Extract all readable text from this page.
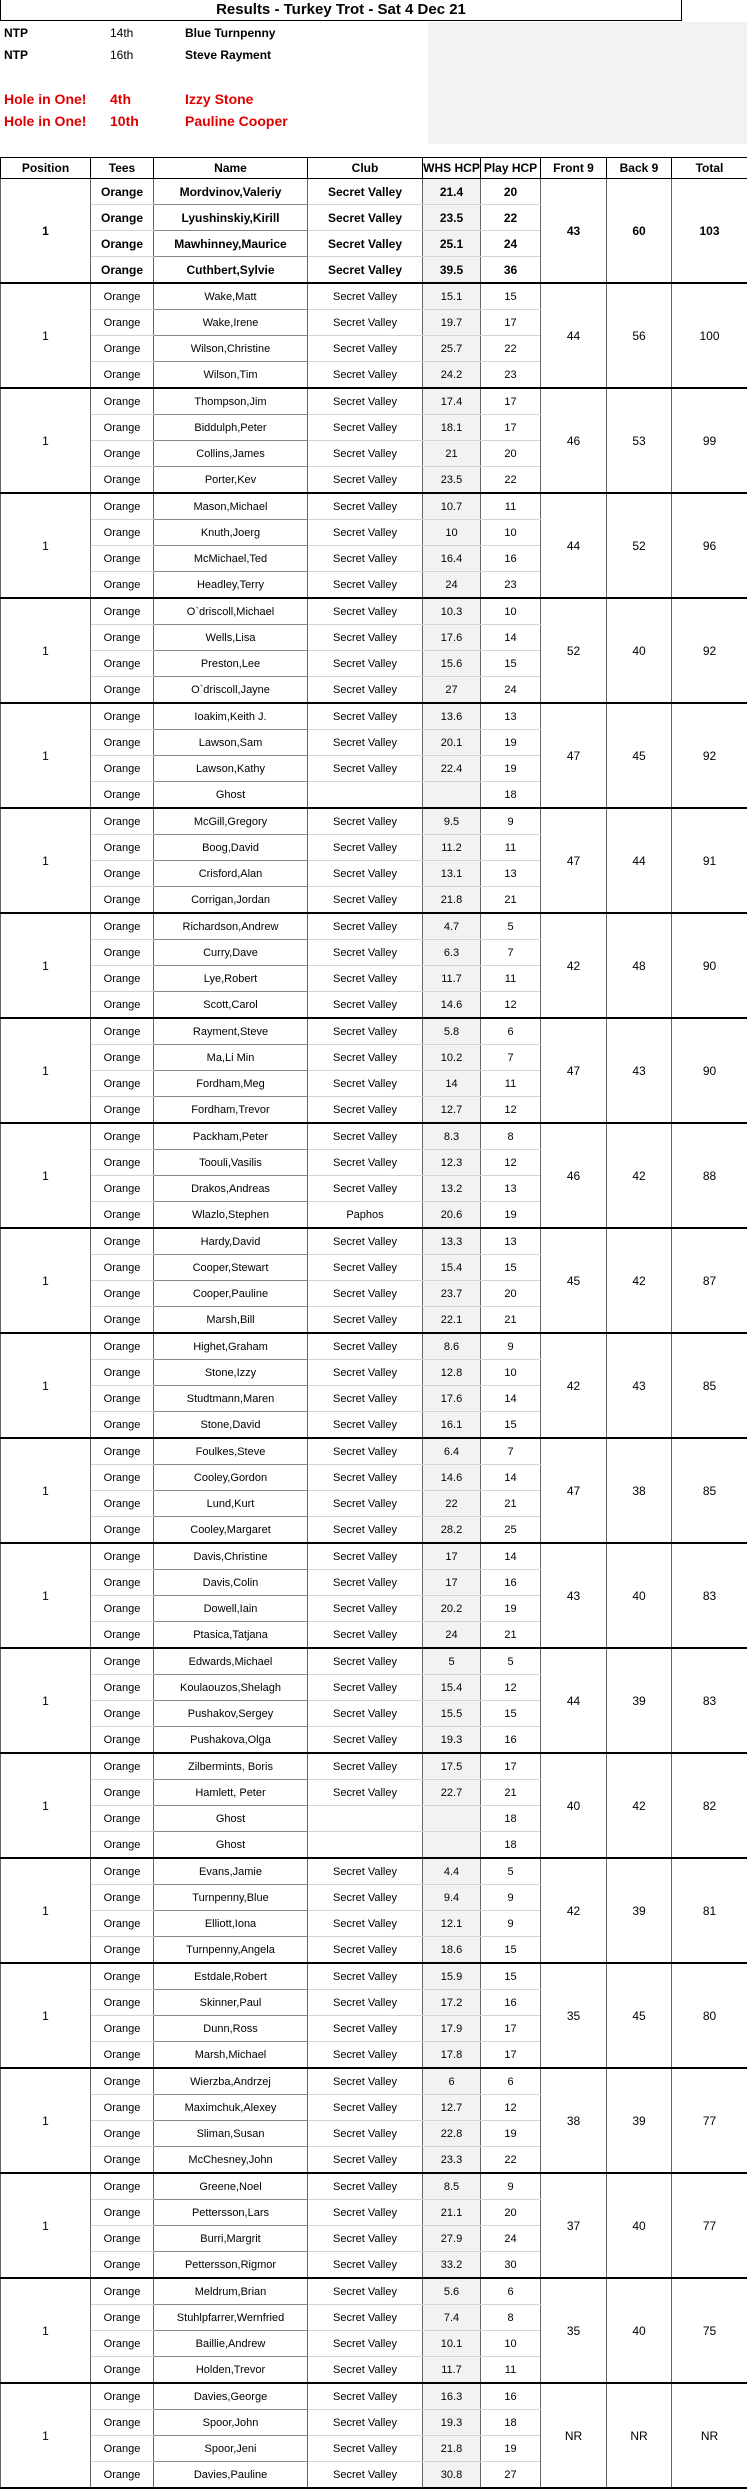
Results - Turkey Trot - Sat 4 Dec 21
NTP	14th	Blue Turnpenny
NTP	16th	Steve Rayment
Hole in One! 4th	Izzy Stone
Hole in One! 10th	Pauline Cooper
Position	Tees	Name	Club	WHS HCP	Play HCP	Front 9	Back 9	Total
1	Orange	Mordvinov,Valeriy	Secret Valley	21.4	20	43	60	103
	Orange	Lyushinskiy,Kirill	Secret Valley	23.5	22			
	Orange	Mawhinney,Maurice	Secret Valley	25.1	24			
	Orange	Cuthbert,Sylvie	Secret Valley	39.5	36			
1	Orange	Wake,Matt	Secret Valley	15.1	15	44	56	100
	Orange	Wake,Irene	Secret Valley	19.7	17			
	Orange	Wilson,Christine	Secret Valley	25.7	22			
	Orange	Wilson,Tim	Secret Valley	24.2	23			
1	Orange	Thompson,Jim	Secret Valley	17.4	17	46	53	99
	Orange	Biddulph,Peter	Secret Valley	18.1	17			
	Orange	Collins,James	Secret Valley	21	20			
	Orange	Porter,Kev	Secret Valley	23.5	22			
1	Orange	Mason,Michael	Secret Valley	10.7	11	44	52	96
	Orange	Knuth,Joerg	Secret Valley	10	10			
	Orange	McMichael,Ted	Secret Valley	16.4	16			
	Orange	Headley,Terry	Secret Valley	24	23			
1	Orange	O`driscoll,Michael	Secret Valley	10.3	10	52	40	92
	Orange	Wells,Lisa	Secret Valley	17.6	14			
	Orange	Preston,Lee	Secret Valley	15.6	15			
	Orange	O`driscoll,Jayne	Secret Valley	27	24			
1	Orange	Ioakim,Keith J.	Secret Valley	13.6	13	47	45	92
	Orange	Lawson,Sam	Secret Valley	20.1	19			
	Orange	Lawson,Kathy	Secret Valley	22.4	19			
	Orange	Ghost			18			
1	Orange	McGill,Gregory	Secret Valley	9.5	9	47	44	91
	Orange	Boog,David	Secret Valley	11.2	11			
	Orange	Crisford,Alan	Secret Valley	13.1	13			
	Orange	Corrigan,Jordan	Secret Valley	21.8	21			
1	Orange	Richardson,Andrew	Secret Valley	4.7	5	42	48	90
	Orange	Curry,Dave	Secret Valley	6.3	7			
	Orange	Lye,Robert	Secret Valley	11.7	11			
	Orange	Scott,Carol	Secret Valley	14.6	12			
1	Orange	Rayment,Steve	Secret Valley	5.8	6	47	43	90
	Orange	Ma,Li Min	Secret Valley	10.2	7			
	Orange	Fordham,Meg	Secret Valley	14	11			
	Orange	Fordham,Trevor	Secret Valley	12.7	12			
1	Orange	Packham,Peter	Secret Valley	8.3	8	46	42	88
	Orange	Toouli,Vasilis	Secret Valley	12.3	12			
	Orange	Drakos,Andreas	Secret Valley	13.2	13			
	Orange	Wlazlo,Stephen	Paphos	20.6	19			
1	Orange	Hardy,David	Secret Valley	13.3	13	45	42	87
	Orange	Cooper,Stewart	Secret Valley	15.4	15			
	Orange	Cooper,Pauline	Secret Valley	23.7	20			
	Orange	Marsh,Bill	Secret Valley	22.1	21			
1	Orange	Highet,Graham	Secret Valley	8.6	9	42	43	85
	Orange	Stone,Izzy	Secret Valley	12.8	10			
	Orange	Studtmann,Maren	Secret Valley	17.6	14			
	Orange	Stone,David	Secret Valley	16.1	15			
1	Orange	Foulkes,Steve	Secret Valley	6.4	7	47	38	85
	Orange	Cooley,Gordon	Secret Valley	14.6	14			
	Orange	Lund,Kurt	Secret Valley	22	21			
	Orange	Cooley,Margaret	Secret Valley	28.2	25			
1	Orange	Davis,Christine	Secret Valley	17	14	43	40	83
	Orange	Davis,Colin	Secret Valley	17	16			
	Orange	Dowell,Iain	Secret Valley	20.2	19			
	Orange	Ptasica,Tatjana	Secret Valley	24	21			
1	Orange	Edwards,Michael	Secret Valley	5	5	44	39	83
	Orange	Koulaouzos,Shelagh	Secret Valley	15.4	12			
	Orange	Pushakov,Sergey	Secret Valley	15.5	15			
	Orange	Pushakova,Olga	Secret Valley	19.3	16			
1	Orange	Zilbermints, Boris	Secret Valley	17.5	17	40	42	82
	Orange	Hamlett, Peter	Secret Valley	22.7	21			
	Orange	Ghost			18			
	Orange	Ghost			18			
1	Orange	Evans,Jamie	Secret Valley	4.4	5	42	39	81
	Orange	Turnpenny,Blue	Secret Valley	9.4	9			
	Orange	Elliott,Iona	Secret Valley	12.1	9			
	Orange	Turnpenny,Angela	Secret Valley	18.6	15			
1	Orange	Estdale,Robert	Secret Valley	15.9	15	35	45	80
	Orange	Skinner,Paul	Secret Valley	17.2	16			
	Orange	Dunn,Ross	Secret Valley	17.9	17			
	Orange	Marsh,Michael	Secret Valley	17.8	17			
1	Orange	Wierzba,Andrzej	Secret Valley	6	6	38	39	77
	Orange	Maximchuk,Alexey	Secret Valley	12.7	12			
	Orange	Sliman,Susan	Secret Valley	22.8	19			
	Orange	McChesney,John	Secret Valley	23.3	22			
1	Orange	Greene,Noel	Secret Valley	8.5	9	37	40	77
	Orange	Pettersson,Lars	Secret Valley	21.1	20			
	Orange	Burri,Margrit	Secret Valley	27.9	24			
	Orange	Pettersson,Rigmor	Secret Valley	33.2	30			
1	Orange	Meldrum,Brian	Secret Valley	5.6	6	35	40	75
	Orange	Stuhlpfarrer,Wernfried	Secret Valley	7.4	8			
	Orange	Baillie,Andrew	Secret Valley	10.1	10			
	Orange	Holden,Trevor	Secret Valley	11.7	11			
1	Orange	Davies,George	Secret Valley	16.3	16	NR	NR	NR
	Orange	Spoor,John	Secret Valley	19.3	18			
	Orange	Spoor,Jeni	Secret Valley	21.8	19			
	Orange	Davies,Pauline	Secret Valley	30.8	27			
